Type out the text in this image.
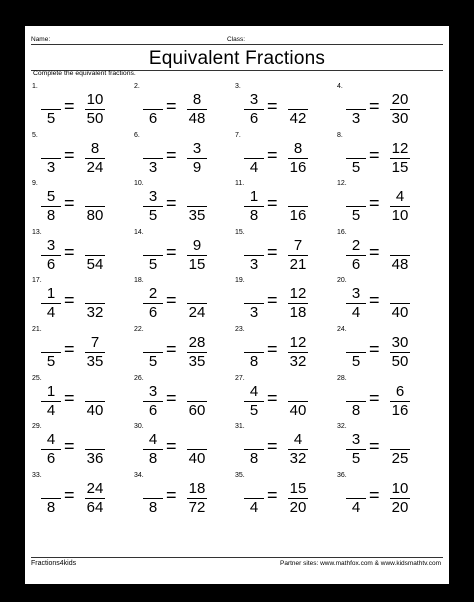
Name:	Class:
Equivalent Fractions
Complete the equivalent fractions.
1.
5
= 10
50
2.
6
=	8
48
3.
3
6
=
42
4.
3
= 20
30
5.
3
=	8
24
6.
3
=	3
9
7.
4
=	8
16
8.
5
= 12
15
9.
5
8
=
80
10.
3
5
=
35
11.
1
8
=
16
12.
5
=	4
10
13.
3
6
=
54
14.
5
=	9
15
15.
3
=	7
21
16.
2
6
=
48
17.
1
4
=
32
18.
2
6
=
24
19.
3
= 12
18
20.
3
4
=
40
21.
5
=	7
35
22.
5
= 28
35
23.
8
= 12
32
24.
5
= 30
50
25.
1
4
=
40
26.
3
6
=
60
27.
4
5
=
40
28.
8
=	6
16
29.
4
6
=
36
30.
4
8
=
40
31.
8
=	4
32
32.
3
5
=
25
33.
8
= 24
64
34.
8
= 18
72
35.
4
= 15
20
36.
4
= 10
20
Fractions4kids	Partner sites: www.mathfox.com & www.kidsmathtv.com
